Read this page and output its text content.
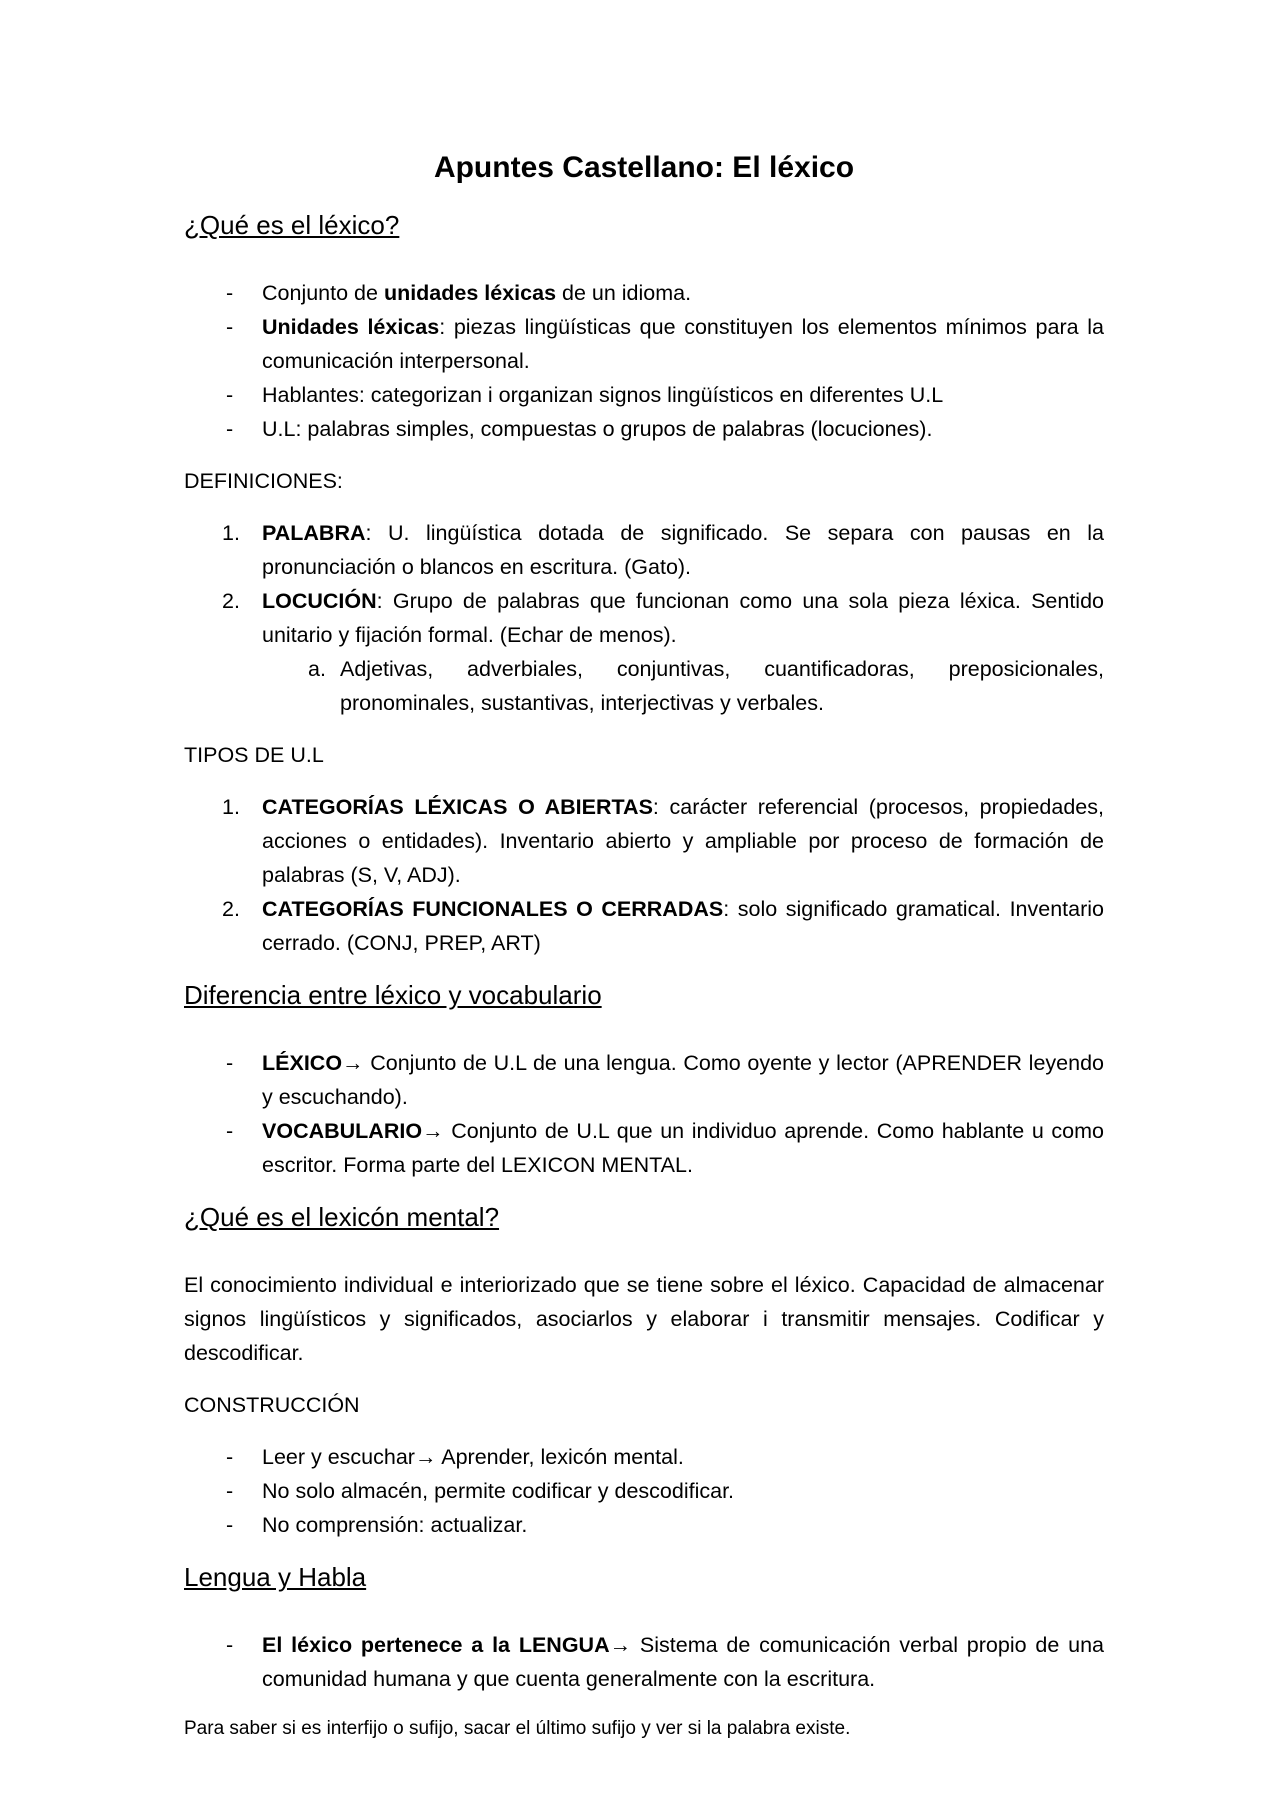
Apuntes Castellano: El léxico
¿Qué es el léxico?
- Conjunto de unidades léxicas de un idioma.
- Unidades léxicas: piezas lingüísticas que constituyen los elementos mínimos para la comunicación interpersonal.
- Hablantes: categorizan i organizan signos lingüísticos en diferentes U.L
- U.L: palabras simples, compuestas o grupos de palabras (locuciones).
DEFINICIONES:
1. PALABRA: U. lingüística dotada de significado. Se separa con pausas en la pronunciación o blancos en escritura. (Gato).
2. LOCUCIÓN: Grupo de palabras que funcionan como una sola pieza léxica. Sentido unitario y fijación formal. (Echar de menos).
a. Adjetivas, adverbiales, conjuntivas, cuantificadoras, preposicionales, pronominales, sustantivas, interjectivas y verbales.
TIPOS DE U.L
1. CATEGORÍAS LÉXICAS O ABIERTAS: carácter referencial (procesos, propiedades, acciones o entidades). Inventario abierto y ampliable por proceso de formación de palabras (S, V, ADJ).
2. CATEGORÍAS FUNCIONALES O CERRADAS: solo significado gramatical. Inventario cerrado. (CONJ, PREP, ART)
Diferencia entre léxico y vocabulario
- LÉXICO→ Conjunto de U.L de una lengua. Como oyente y lector (APRENDER leyendo y escuchando).
- VOCABULARIO→ Conjunto de U.L que un individuo aprende. Como hablante u como escritor. Forma parte del LEXICON MENTAL.
¿Qué es el lexicón mental?

El conocimiento individual e interiorizado que se tiene sobre el léxico. Capacidad de almacenar signos lingüísticos y significados, asociarlos y elaborar i transmitir mensajes. Codificar y descodificar.

CONSTRUCCIÓN
- Leer y escuchar→ Aprender, lexicón mental.
- No solo almacén, permite codificar y descodificar.
- No comprensión: actualizar.
Lengua y Habla
- El léxico pertenece a la LENGUA→ Sistema de comunicación verbal propio de una comunidad humana y que cuenta generalmente con la escritura.
Para saber si es interfijo o sufijo, sacar el último sufijo y ver si la palabra existe.
